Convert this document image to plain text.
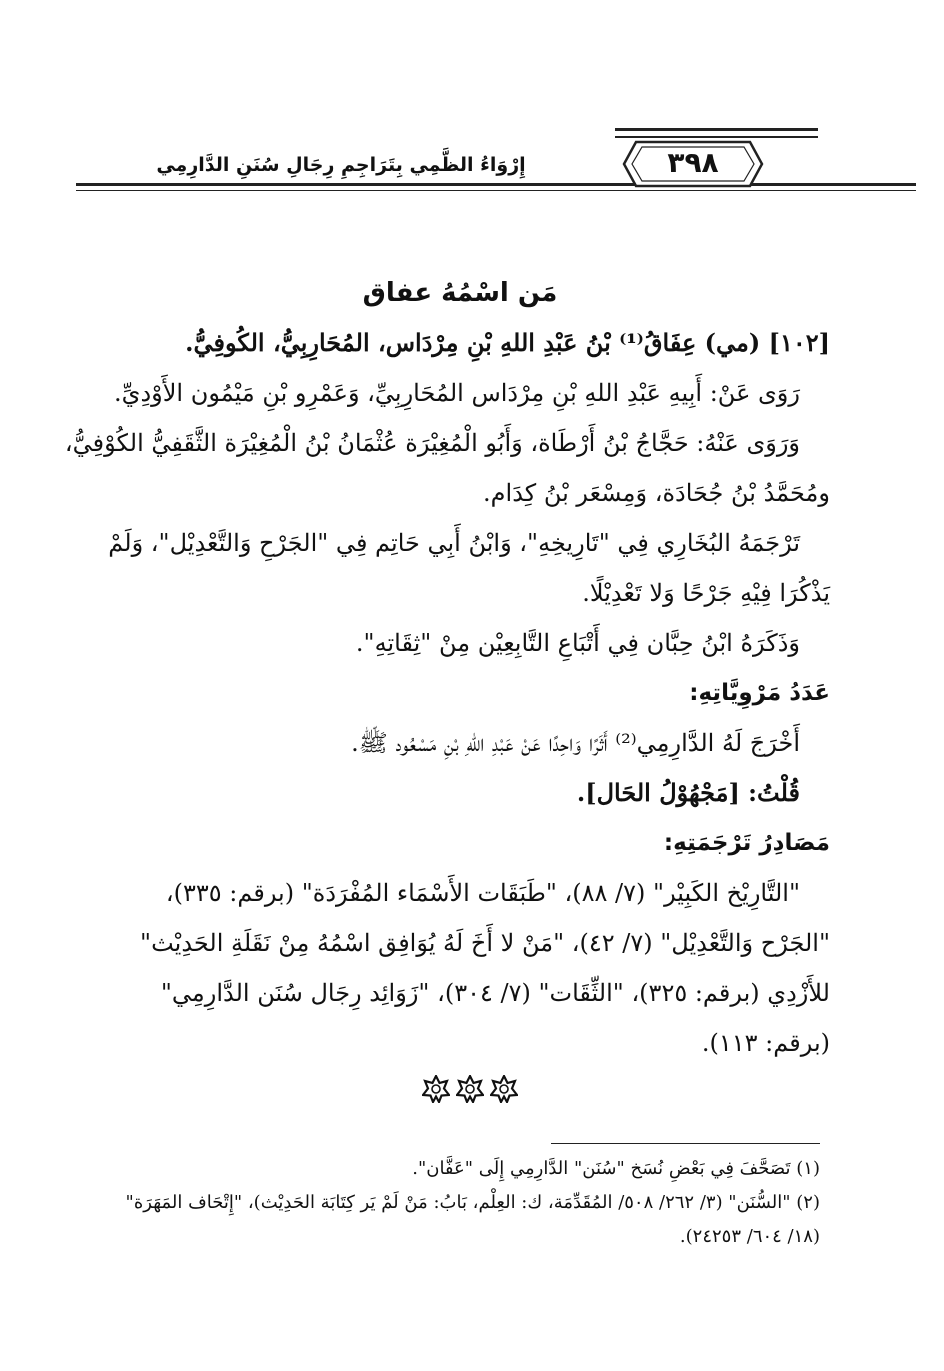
٣٩٨
إِرْوَاءُ الظَّمِي بِتَرَاجِمِ رِجَالِ سُنَنِ الدَّارِمِي
مَن اسْمُهُ عفاق
[١٠٢] (مي) عِفَاقُ⁽¹⁾ بْنُ عَبْدِ اللهِ بْنِ مِرْدَاس، المُحَارِبِيُّ، الكُوفِيُّ.
رَوَى عَنْ: أَبِيهِ عَبْدِ اللهِ بْنِ مِرْدَاس المُحَارِبِيِّ، وَعَمْرِو بْنِ مَيْمُون الأَوْدِيِّ.
وَرَوَى عَنْهُ: حَجَّاجُ بْنُ أَرْطَاة، وَأَبُو الْمُغِيْرَة عُثْمَانُ بْنُ الْمُغِيْرَة الثَّقَفِيُّ الكُوْفِيُّ،
ومُحَمَّدُ بْنُ جُحَادَة، وَمِسْعَر بْنُ كِدَام.
تَرْجَمَهُ البُخَارِي فِي "تَارِيخِهِ"، وَابْنُ أَبِي حَاتِم فِي "الجَرْحِ وَالتَّعْدِيْل"، وَلَمْ
يَذْكُرَا فِيْهِ جَرْحًا وَلا تَعْدِيْلًا.
وَذَكَرَهُ ابْنُ حِبَّان فِي أَتْبَاعِ التَّابِعِيْن مِنْ "ثِقَاتِهِ".
عَدَدُ مَرْوِيَّاتِهِ:
أَخْرَجَ لَهُ الدَّارِمِي⁽²⁾ أَثَرًا وَاحِدًا عَنْ عَبْدِ اللهِ بْنِ مَسْعُود ﷺ.
قُلْتُ: [مَجْهُوْلُ الحَال].
مَصَادِرُ تَرْجَمَتِهِ:
"التَّارِيْخ الكَبِيْر" (٧/ ٨٨)، "طَبَقَات الأَسْمَاء المُفْرَدَة" (برقم: ٣٣٥)،
"الجَرْح وَالتَّعْدِيْل" (٧/ ٤٢)، "مَنْ لا أَخَ لَهُ يُوَافِق اسْمُهُ مِنْ نَقَلَةِ الحَدِيْث"
للأَزْدِي (برقم: ٣٢٥)، "الثِّقَات" (٧/ ٣٠٤)، "زَوَائِد رِجَال سُنَن الدَّارِمِي"
(برقم: ١١٣).
(١) تَصَحَّفَ فِي بَعْضِ نُسَخ "سُنَن" الدَّارِمِي إِلَى "عَفَّان".
(٢) "السُّنَن" (٣/ ٢٦٢/ ٥٠٨/ المُقَدِّمَة، ك: العِلْم، بَابُ: مَنْ لَمْ يَر كِتَابَة الحَدِيْث)، "إِتْحَاف المَهَرَة"
(١٨/ ٦٠٤/ ٢٤٢٥٣).
